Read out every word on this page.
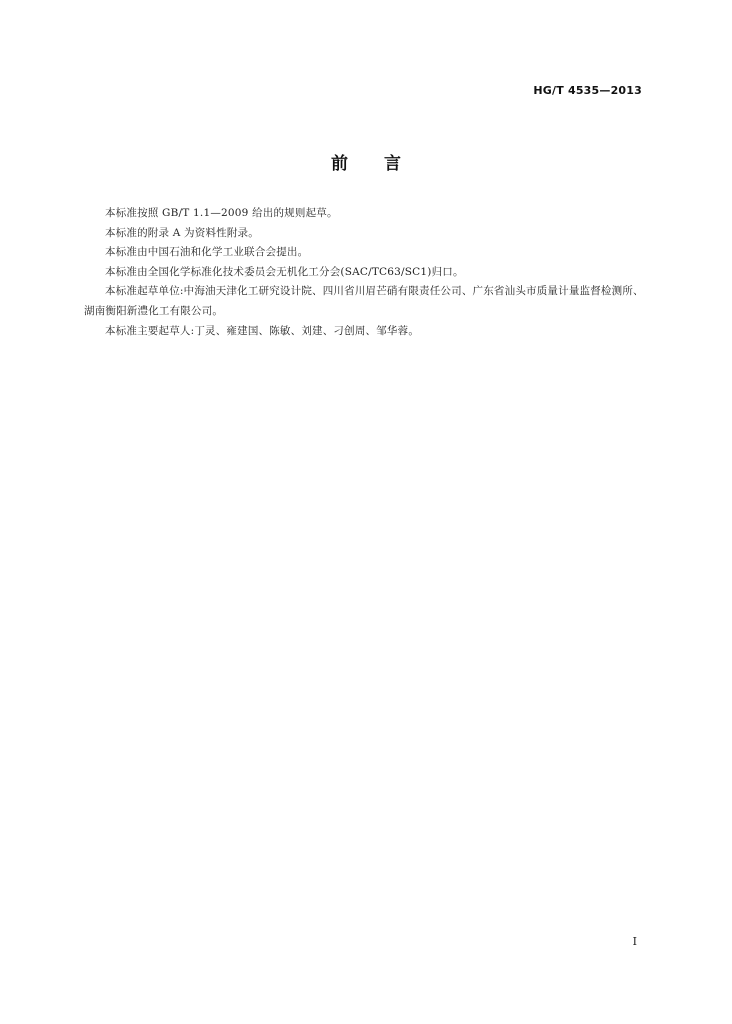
HG/T 4535—2013
前言

本标准按照 GB/T 1.1—2009 给出的规则起草。

本标准的附录 A 为资料性附录。

本标准由中国石油和化学工业联合会提出。

本标准由全国化学标准化技术委员会无机化工分会(SAC/TC63/SC1)归口。

本标准起草单位:中海油天津化工研究设计院、四川省川眉芒硝有限责任公司、广东省汕头市质量计量监督检测所、湖南衡阳新澧化工有限公司。

本标准主要起草人:丁灵、雍建国、陈敏、刘建、刁创周、邹华蓉。

I
